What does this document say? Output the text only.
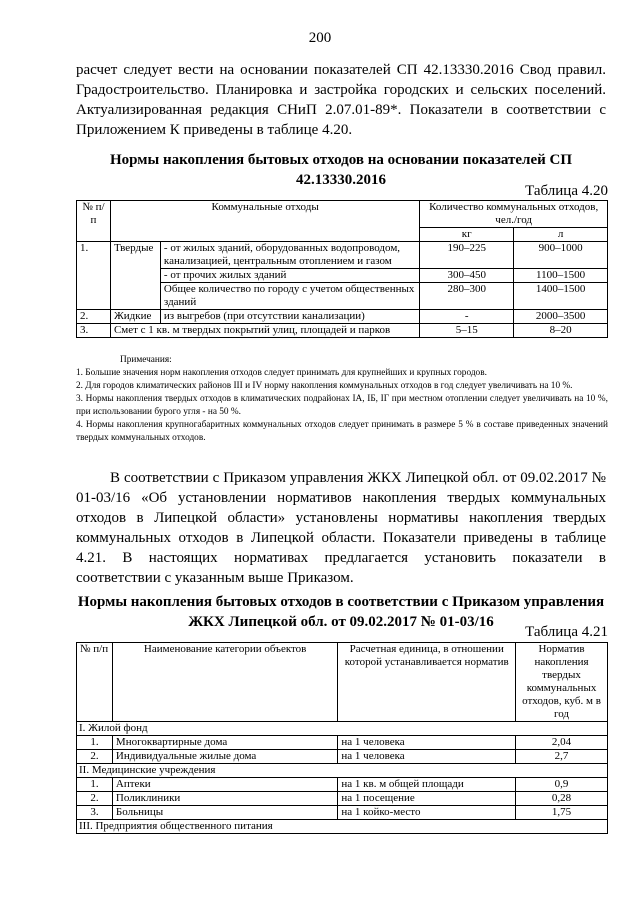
200

расчет следует вести на основании показателей СП 42.13330.2016 Свод правил. Градостроительство. Планировка и застройка городских и сельских поселений. Актуализированная редакция СНиП 2.07.01-89*. Показатели в соответствии с Приложением К приведены в таблице 4.20.

Нормы накопления бытовых отходов на основании показателей СП 42.13330.2016

Таблица 4.20
№ п/п	Коммунальные отходы		Количество коммунальных отходов, чел./год	
			кг	л
1.	Твердые	- от жилых зданий, оборудованных водопроводом, канализацией, центральным отоплением и газом	190–225	900–1000
		- от прочих жилых зданий	300–450	1100–1500
		Общее количество по городу с учетом общественных зданий	280–300	1400–1500
2.	Жидкие	из выгребов (при отсутствии канализации)	-	2000–3500
3.	Смет с 1 кв. м твердых покрытий улиц, площадей и парков		5–15	8–20
Примечания:
1. Большие значения норм накопления отходов следует принимать для крупнейших и крупных городов.
2. Для городов климатических районов III и IV норму накопления коммунальных отходов в год следует увеличивать на 10 %.
3. Нормы накопления твердых отходов в климатических подрайонах IA, IБ, IГ при местном отоплении следует увеличивать на 10 %, при использовании бурого угля - на 50 %.
4. Нормы накопления крупногабаритных коммунальных отходов следует принимать в размере 5 % в составе приведенных значений твердых коммунальных отходов.

В соответствии с Приказом управления ЖКХ Липецкой обл. от 09.02.2017 № 01-03/16 «Об установлении нормативов накопления твердых коммунальных отходов в Липецкой области» установлены нормативы накопления твердых коммунальных отходов в Липецкой области. Показатели приведены в таблице 4.21. В настоящих нормативах предлагается установить показатели в соответствии с указанным выше Приказом.

Нормы накопления бытовых отходов в соответствии с Приказом управления ЖКХ Липецкой обл. от 09.02.2017 № 01-03/16

Таблица 4.21
№ п/п	Наименование категории объектов	Расчетная единица, в отношении которой устанавливается норматив	Норматив накопления твердых коммунальных отходов, куб. м в год
I. Жилой фонд			
1.	Многоквартирные дома	на 1 человека	2,04
2.	Индивидуальные жилые дома	на 1 человека	2,7
II. Медицинские учреждения			
1.	Аптеки	на 1 кв. м общей площади	0,9
2.	Поликлиники	на 1 посещение	0,28
3.	Больницы	на 1 койко-место	1,75
III. Предприятия общественного питания			
